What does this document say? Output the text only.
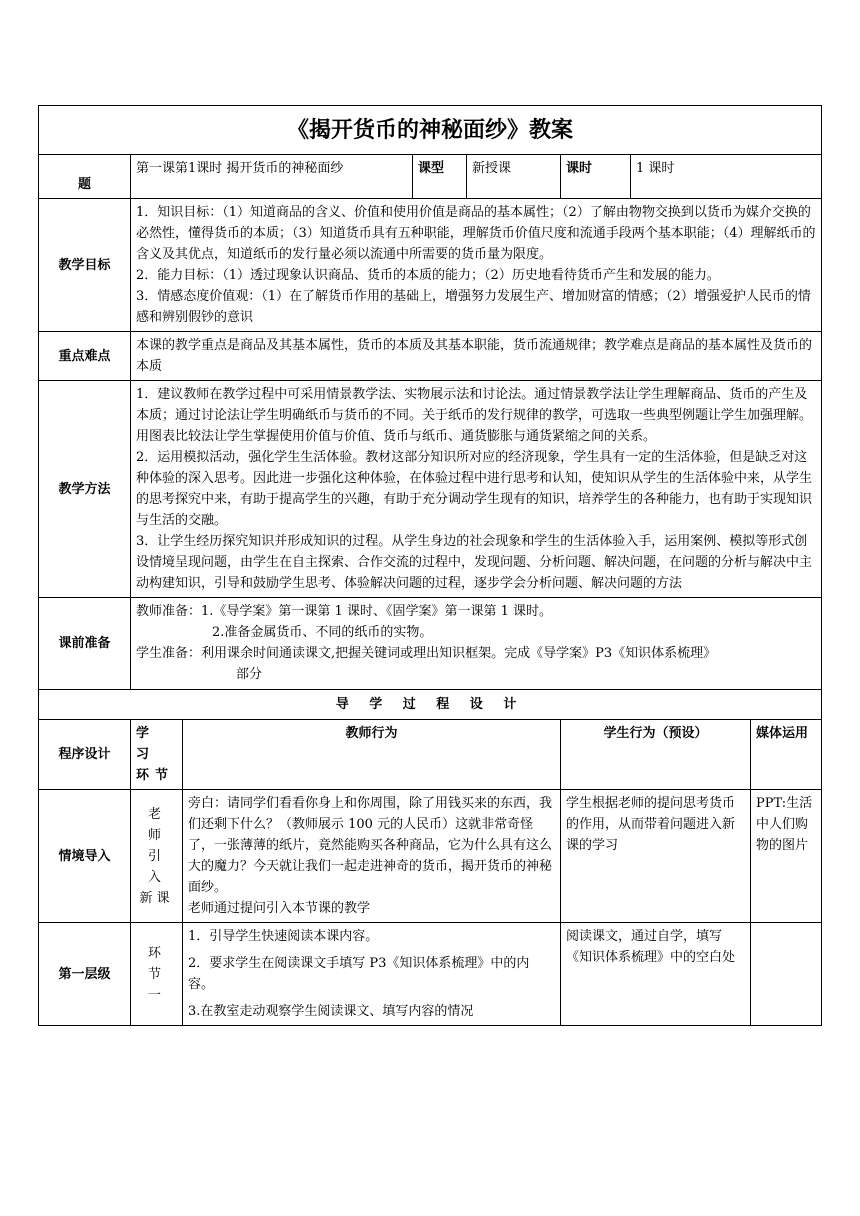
《揭开货币的神秘面纱》教案							
题	第一课第1课时 揭开货币的神秘面纱		课型	新授课	课时	1 课时	
教学目标	1．知识目标：（1）知道商品的含义、价值和使用价值是商品的基本属性；（2）了解由物物交换到以货币为媒介交换的必然性，懂得货币的本质；（3）知道货币具有五种职能，理解货币价值尺度和流通手段两个基本职能；（4）理解纸币的含义及其优点，知道纸币的发行量必须以流通中所需要的货币量为限度。

2．能力目标：（1）透过现象认识商品、货币的本质的能力；（2）历史地看待货币产生和发展的能力。

3．情感态度价值观：（1）在了解货币作用的基础上，增强努力发展生产、增加财富的情感；（2）增强爱护人民币的情感和辨别假钞的意识						

重点难点	本课的教学重点是商品及其基本属性，货币的本质及其基本职能，货币流通规律；教学难点是商品的基本属性及货币的本质						
教学方法	1．建议教师在教学过程中可采用情景教学法、实物展示法和讨论法。通过情景教学法让学生理解商品、货币的产生及本质；通过讨论法让学生明确纸币与货币的不同。关于纸币的发行规律的教学，可选取一些典型例题让学生加强理解。用图表比较法让学生掌握使用价值与价值、货币与纸币、通货膨胀与通货紧缩之间的关系。

2．运用模拟活动，强化学生生活体验。教材这部分知识所对应的经济现象，学生具有一定的生活体验，但是缺乏对这种体验的深入思考。因此进一步强化这种体验，在体验过程中进行思考和认知，使知识从学生的生活体验中来，从学生的思考探究中来，有助于提高学生的兴趣，有助于充分调动学生现有的知识，培养学生的各种能力，也有助于实现知识与生活的交融。

3．让学生经历探究知识并形成知识的过程。从学生身边的社会现象和学生的生活体验入手，运用案例、模拟等形式创设情境呈现问题，由学生在自主探索、合作交流的过程中，发现问题、分析问题、解决问题，在问题的分析与解决中主动构建知识，引导和鼓励学生思考、体验解决问题的过程，逐步学会分析问题、解决问题的方法						

课前准备	教师准备：1.《导学案》第一课第 1 课时、《固学案》第一课第 1 课时。

2.准备金属货币、不同的纸币的实物。

学生准备：利用课余时间通读课文,把握关键词或理出知识框架。完成《导学案》P3《知识体系梳理》

部分						

导 学 过 程 设 计							
程序设计	学 习 环节	教师行为			学生行为（预设）		媒体运用
情境导入	老 师 引 入 新课	旁白：请同学们看看你身上和你周围，除了用钱买来的东西，我们还剩下什么？（教师展示 100 元的人民币）这就非常奇怪了，一张薄薄的纸片，竟然能购买各种商品，它为什么具有这么大的魔力？今天就让我们一起走进神奇的货币，揭开货币的神秘面纱。

老师通过提问引入本节课的教学			学生根据老师的提问思考货币的作用，从而带着问题进入新课的学习		PPT:生活中人们购物的图片
第一层级	环 节 一	1．引导学生快速阅读本课内容。

2．要求学生在阅读课文手填写 P3《知识体系梳理》中的内容。

3.在教室走动观察学生阅读课文、填写内容的情况			阅读课文，通过自学，填写《知识体系梳理》中的空白处		
